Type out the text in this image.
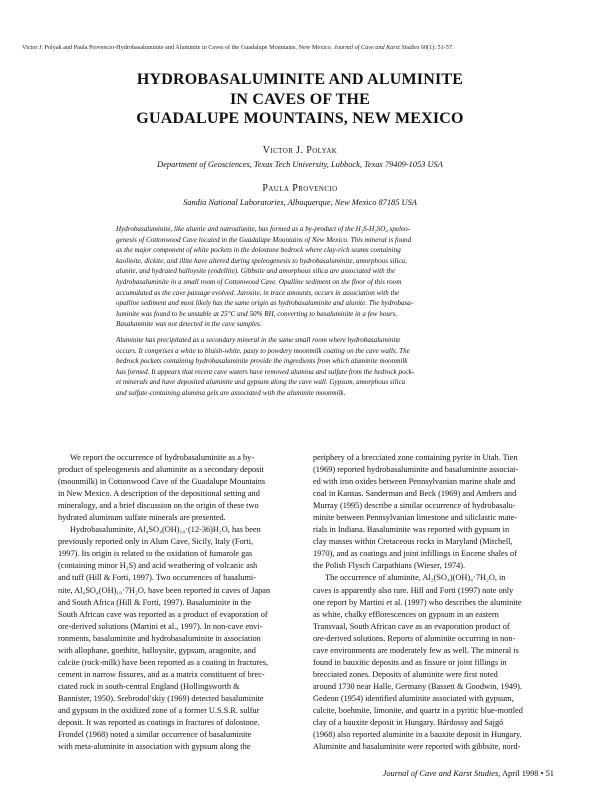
Victor J. Polyak and Paula Provencio-Hydrobasaluminite and Aluminite in Caves of the Guadalupe Mountains, New Mexico. Journal of Cave and Karst Studies 60(1): 51-57.
HYDROBASALUMINITE AND ALUMINITE
IN CAVES OF THE
GUADALUPE MOUNTAINS, NEW MEXICO
Victor J. Polyak
Department of Geosciences, Texas Tech University, Lubbock, Texas 79409-1053 USA
Paula Provencio
Sandia National Laboratories, Albuquerque, New Mexico 87185 USA
Hydrobasaluminite, like alunite and natroalunite, has formed as a by-product of the H₂S-H₂SO₄ speleo-
genesis of Cottonwood Cave located in the Guadalupe Mountains of New Mexico. This mineral is found
as the major component of white pockets in the dolostone bedrock where clay-rich seams containing
kaolinite, dickite, and illite have altered during speleogenesis to hydrobasaluminite, amorphous silica,
alunite, and hydrated halloysite (endellite). Gibbsite and amorphous silica are associated with the
hydrobasaluminite in a small room of Cottonwood Cave. Opalline sediment on the floor of this room
accumulated as the cave passage evolved. Jarosite, in trace amounts, occurs in association with the
opalline sediment and most likely has the same origin as hydrobasaluminite and alunite. The hydrobasa-
luminite was found to be unstable at 25°C and 50% RH, converting to basaluminite in a few hours.
Basaluminite was not detected in the cave samples.
Aluminite has precipitated as a secondary mineral in the same small room where hydrobasaluminite
occurs. It comprises a white to bluish-white, pasty to powdery moonmilk coating on the cave walls. The
bedrock pockets containing hydrobasaluminite provide the ingredients from which aluminite moonmilk
has formed. It appears that recent cave waters have removed alumina and sulfate from the bedrock pock-
et minerals and have deposited aluminite and gypsum along the cave wall. Gypsum, amorphous silica
and sulfate-containing alumina gels are associated with the aluminite moonmilk.
We report the occurrence of hydrobasaluminite as a by-
product of speleogenesis and aluminite as a secondary deposit
(moonmilk) in Cottonwood Cave of the Guadalupe Mountains
in New Mexico. A description of the depositional setting and
mineralogy, and a brief discussion on the origin of these two
hydrated aluminum sulfate minerals are presented.
Hydrobasaluminite, Al₄SO₄(OH)₁₀·(12-36)H₂O, has been
previously reported only in Alum Cave, Sicily, Italy (Forti,
1997). Its origin is related to the oxidation of fumarole gas
(containing minor H₂S) and acid weathering of volcanic ash
and tuff (Hill & Forti, 1997). Two occurrences of basalumi-
nite, Al₄SO₄(OH)₁₀·7H₂O, have been reported in caves of Japan
and South Africa (Hill & Forti, 1997). Basaluminite in the
South African cave was reported as a product of evaporation of
ore-derived solutions (Martini et al., 1997). In non-cave envi-
ronments, basaluminite and hydrobasaluminite in association
with allophane, goethite, halloysite, gypsum, aragonite, and
calcite (rock-milk) have been reported as a coating in fractures,
cement in narrow fissures, and as a matrix constituent of brec-
ciated rock in south-central England (Hollingsworth &
Bannister, 1950). Srebrodol'skiy (1969) detected basaluminite
and gypsum in the oxidized zone of a former U.S.S.R. sulfur
deposit. It was reported as coatings in fractures of dolostone.
Frondel (1968) noted a similar occurrence of basaluminite
with meta-aluminite in association with gypsum along the
periphery of a brecciated zone containing pyrite in Utah. Tien
(1969) reported hydrobasaluminite and basaluminite associat-
ed with iron oxides between Pennsylvanian marine shale and
coal in Kansas. Sanderman and Beck (1969) and Ambers and
Murray (1995) describe a similar occurrence of hydrobasalu-
minite between Pennsylvanian limestone and siliclastic mate-
rials in Indiana. Basaluminite was reported with gypsum in
clay masses within Cretaceous rocks in Maryland (Mitchell,
1970), and as coatings and joint infillings in Eocene shales of
the Polish Flysch Carpathians (Wieser, 1974).
The occurrence of aluminite, Al₂(SO₄)(OH)₄·7H₂O, in
caves is apparently also rare. Hill and Forti (1997) note only
one report by Martini et al. (1997) who describes the aluminite
as white, chalky efflorescences on gypsum in an eastern
Transvaal, South African cave as an evaporation product of
ore-derived solutions. Reports of aluminite occurring in non-
cave environments are moderately few as well. The mineral is
found in bauxitic deposits and as fissure or joint fillings in
brecciated zones. Deposits of aluminite were first noted
around 1730 near Halle, Germany (Bassett & Goodwin, 1949).
Gedeon (1954) identified aluminite associated with gypsum,
calcite, boehmite, limonite, and quartz in a pyritic blue-mottled
clay of a bauxite deposit in Hungary. Bárdossy and Sajgó
(1968) also reported aluminite in a bauxite deposit in Hungary.
Aluminite and basaluminite were reported with gibbsite, nord-
Journal of Cave and Karst Studies, April 1998 • 51
